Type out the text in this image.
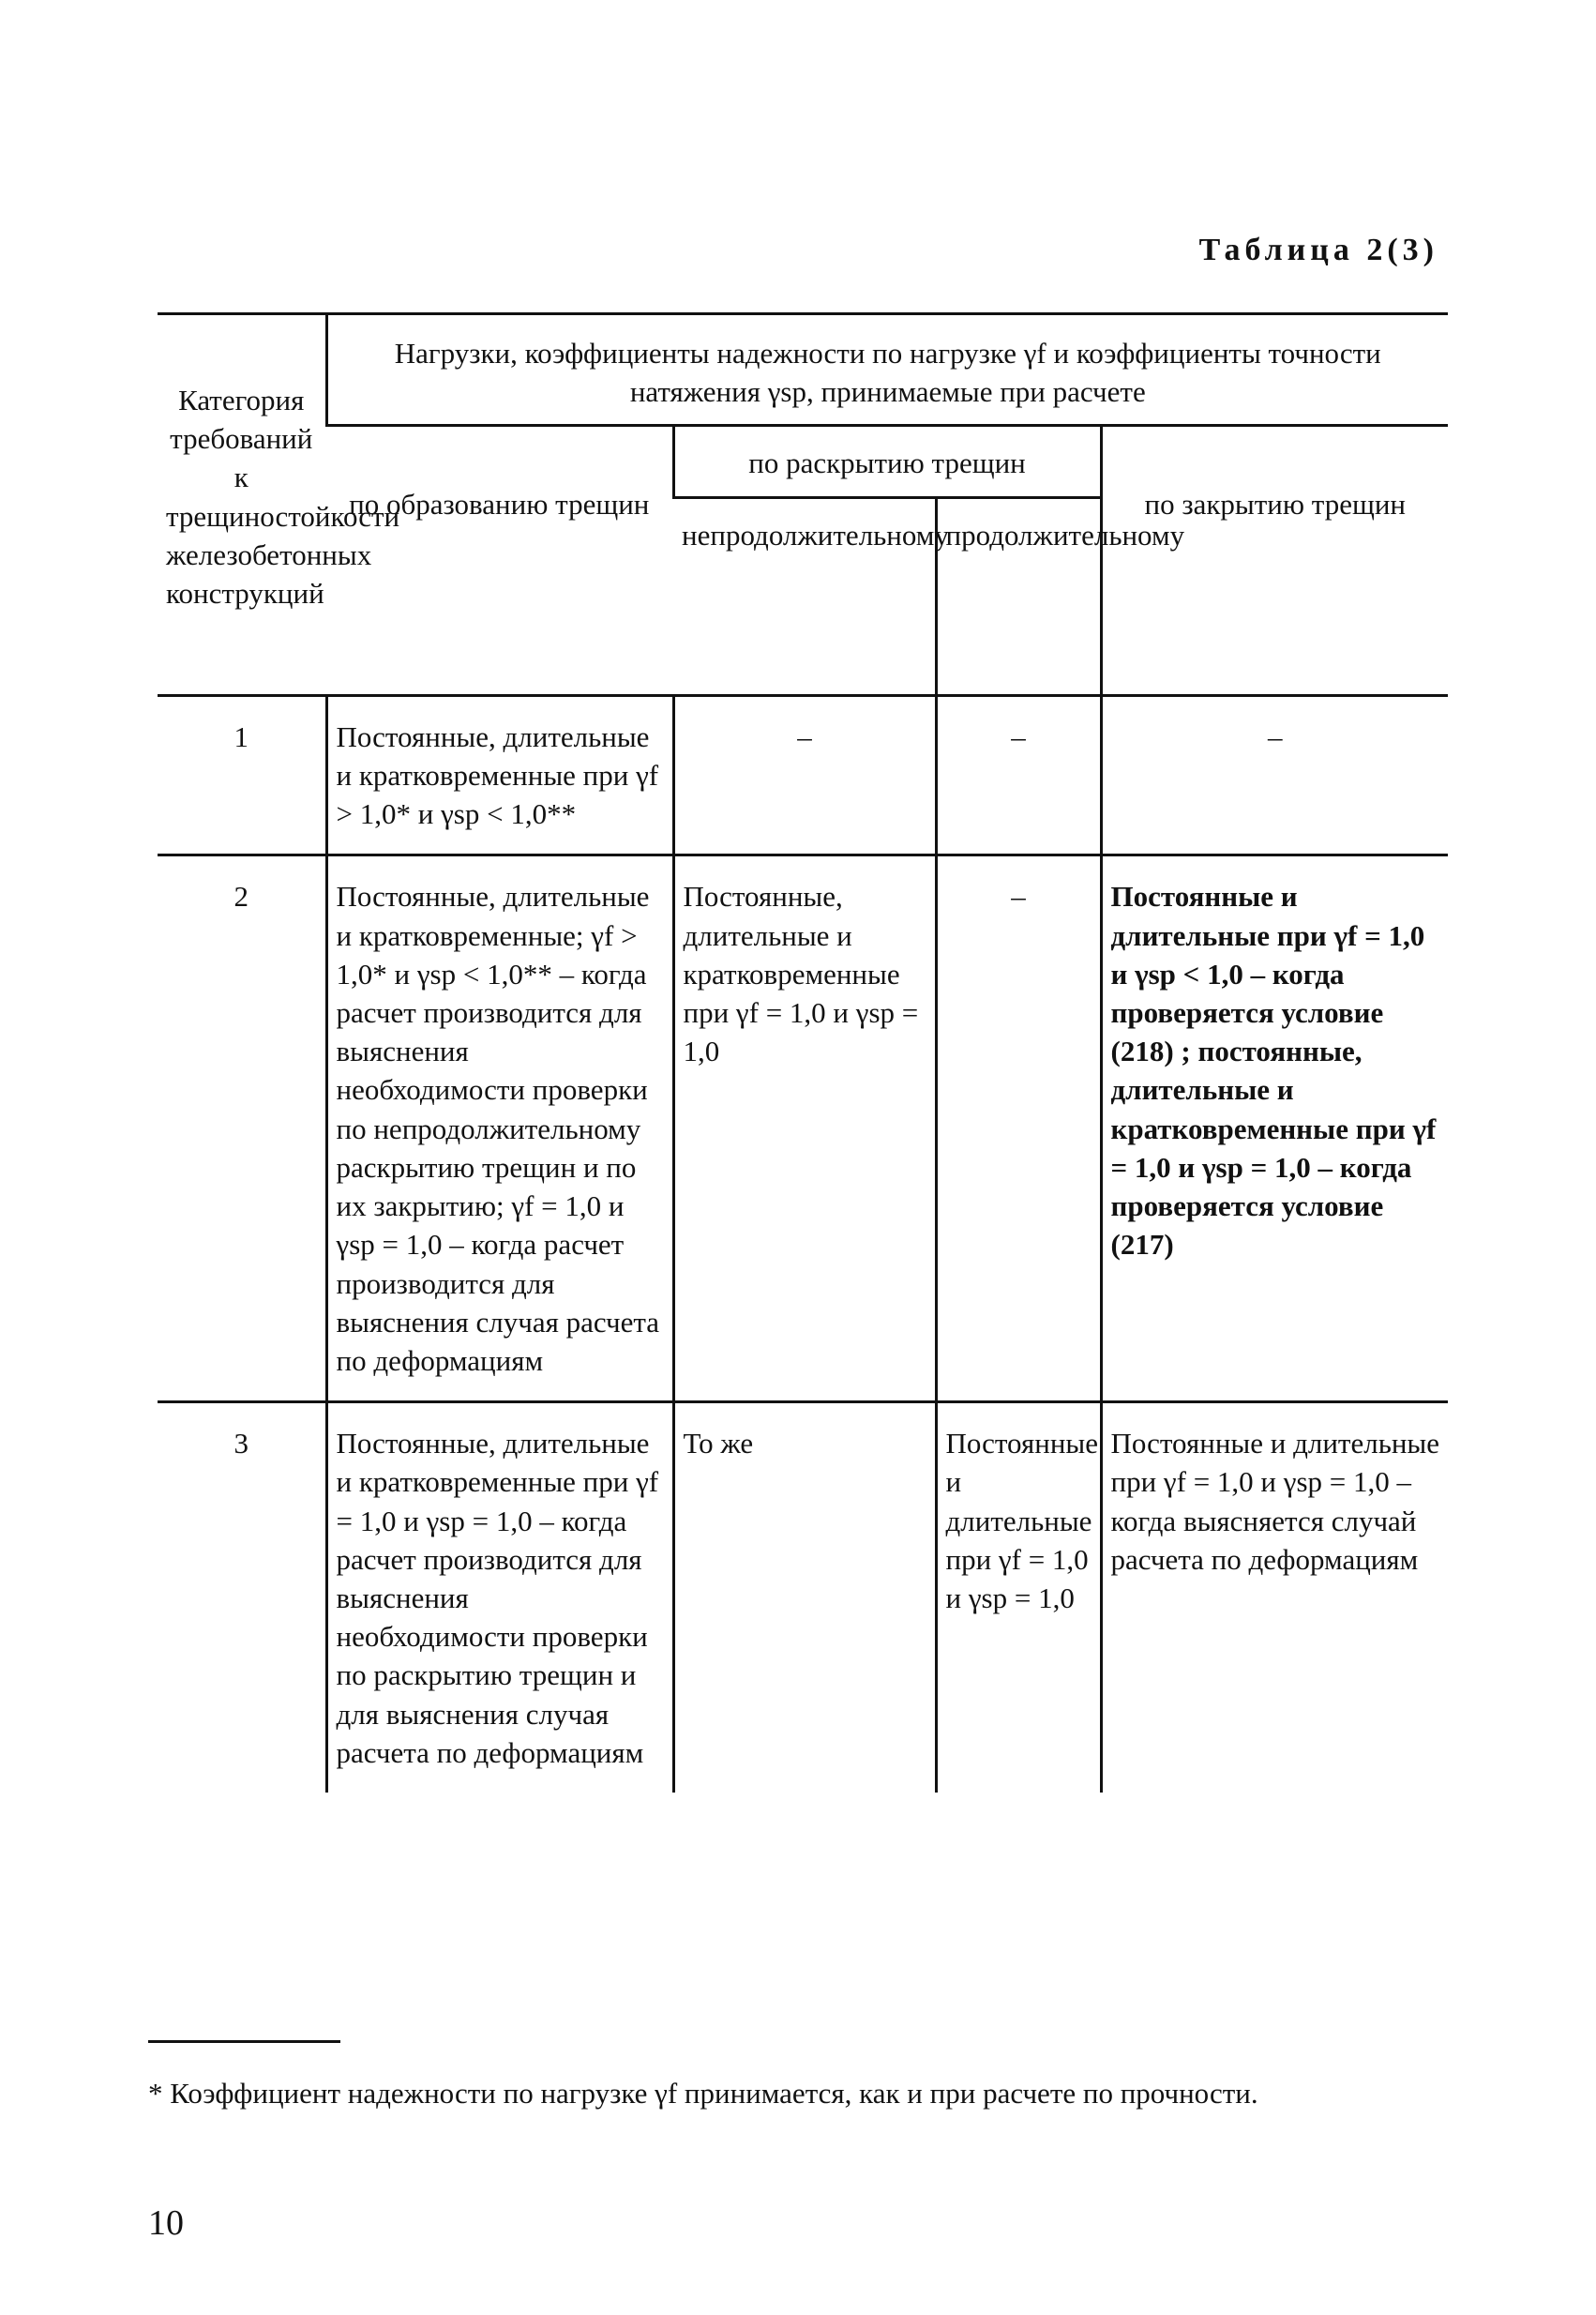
Таблица 2(3)
Категория требований к трещиностойкости железобетонных конструкций	Нагрузки, коэффициенты надежности по нагрузке γf и коэффициенты точности натяжения γsp, принимаемые при расчете			
	по образованию трещин	по раскрытию трещин		по закрытию трещин
		непродолжительному	продолжительному	
1	Постоянные, длительные и кратковременные при γf > 1,0* и γsp < 1,0**	–	–	–
2	Постоянные, длительные и кратковременные; γf > 1,0* и γsp < 1,0** – когда расчет производится для выяснения необходимости проверки по непродолжительному раскрытию трещин и по их закрытию; γf = 1,0 и γsp = 1,0 – когда расчет производится для выяснения случая расчета по деформациям	Постоянные, длительные и кратковременные при γf = 1,0 и γsp = 1,0	–	Постоянные и длительные при γf = 1,0 и γsp < 1,0 – когда проверяется условие (218) ; постоянные, длительные и кратковременные при γf = 1,0 и γsp = 1,0 – когда проверяется условие (217)
3	Постоянные, длительные и кратковременные при γf = 1,0 и γsp = 1,0 – когда расчет производится для выяснения необходимости проверки по раскрытию трещин и для выяснения случая расчета по деформациям	То же	Постоянные и длительные при γf = 1,0 и γsp = 1,0	Постоянные и длительные при γf = 1,0 и γsp = 1,0 – когда выясняется случай расчета по деформациям
* Коэффициент надежности по нагрузке γf принимается, как и при расчете по прочности.
10
